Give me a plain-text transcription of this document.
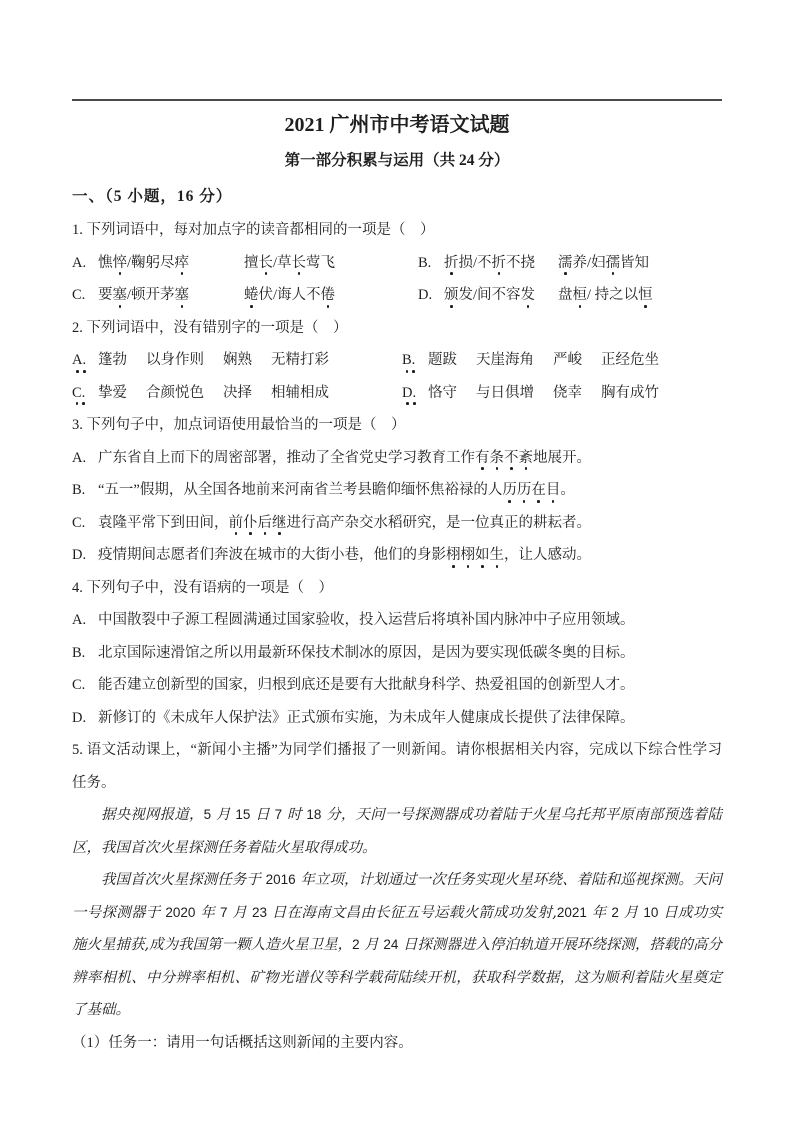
2021 广州市中考语文试题
第一部分积累与运用（共 24 分）
一、（5 小题，16 分）

1. 下列词语中，每对加点字的读音都相同的一项是（　）

A. 憔悴/鞠躬尽瘁	擅长/草长莺飞	B. 折损/不折不挠	濡养/妇孺皆知
C. 要塞/顿开茅塞	蜷伏/诲人不倦	D. 颁发/间不容发	盘桓/ 持之以恒

2. 下列词语中，没有错别字的一项是（　）

A. 篷勃 以身作则 娴熟 无精打彩	B. 题跋 天崖海角 严峻 正经危坐
C. 挚爱 合颜悦色 决择 相辅相成	D. 恪守 与日俱增 侥幸 胸有成竹

3. 下列句子中，加点词语使用最恰当的一项是（　）

A. 广东省自上而下的周密部署，推动了全省党史学习教育工作有条不紊地展开。

B. “五一”假期，从全国各地前来河南省兰考县瞻仰缅怀焦裕禄的人历历在目。

C. 袁隆平常下到田间，前仆后继进行高产杂交水稻研究，是一位真正的耕耘者。

D. 疫情期间志愿者们奔波在城市的大街小巷，他们的身影栩栩如生，让人感动。

4. 下列句子中，没有语病的一项是（　）

A. 中国散裂中子源工程圆满通过国家验收，投入运营后将填补国内脉冲中子应用领域。

B. 北京国际速滑馆之所以用最新环保技术制冰的原因，是因为要实现低碳冬奥的目标。

C. 能否建立创新型的国家，归根到底还是要有大批献身科学、热爱祖国的创新型人才。

D. 新修订的《未成年人保护法》正式颁布实施，为未成年人健康成长提供了法律保障。

5. 语文活动课上，“新闻小主播”为同学们播报了一则新闻。请你根据相关内容，完成以下综合性学习任务。

据央视网报道，5 月 15 日 7 时 18 分，天问一号探测器成功着陆于火星乌托邦平原南部预选着陆区，我国首次火星探测任务着陆火星取得成功。

我国首次火星探测任务于 2016 年立项，计划通过一次任务实现火星环绕、着陆和巡视探测。天问一号探测器于 2020 年 7 月 23 日在海南文昌由长征五号运载火箭成功发射,2021 年 2 月 10 日成功实施火星捕获,成为我国第一颗人造火星卫星，2 月 24 日探测器进入停泊轨道开展环绕探测，搭载的高分辨率相机、中分辨率相机、矿物光谱仪等科学载荷陆续开机，获取科学数据，这为顺利着陆火星奠定了基础。

（1）任务一：请用一句话概括这则新闻的主要内容。
